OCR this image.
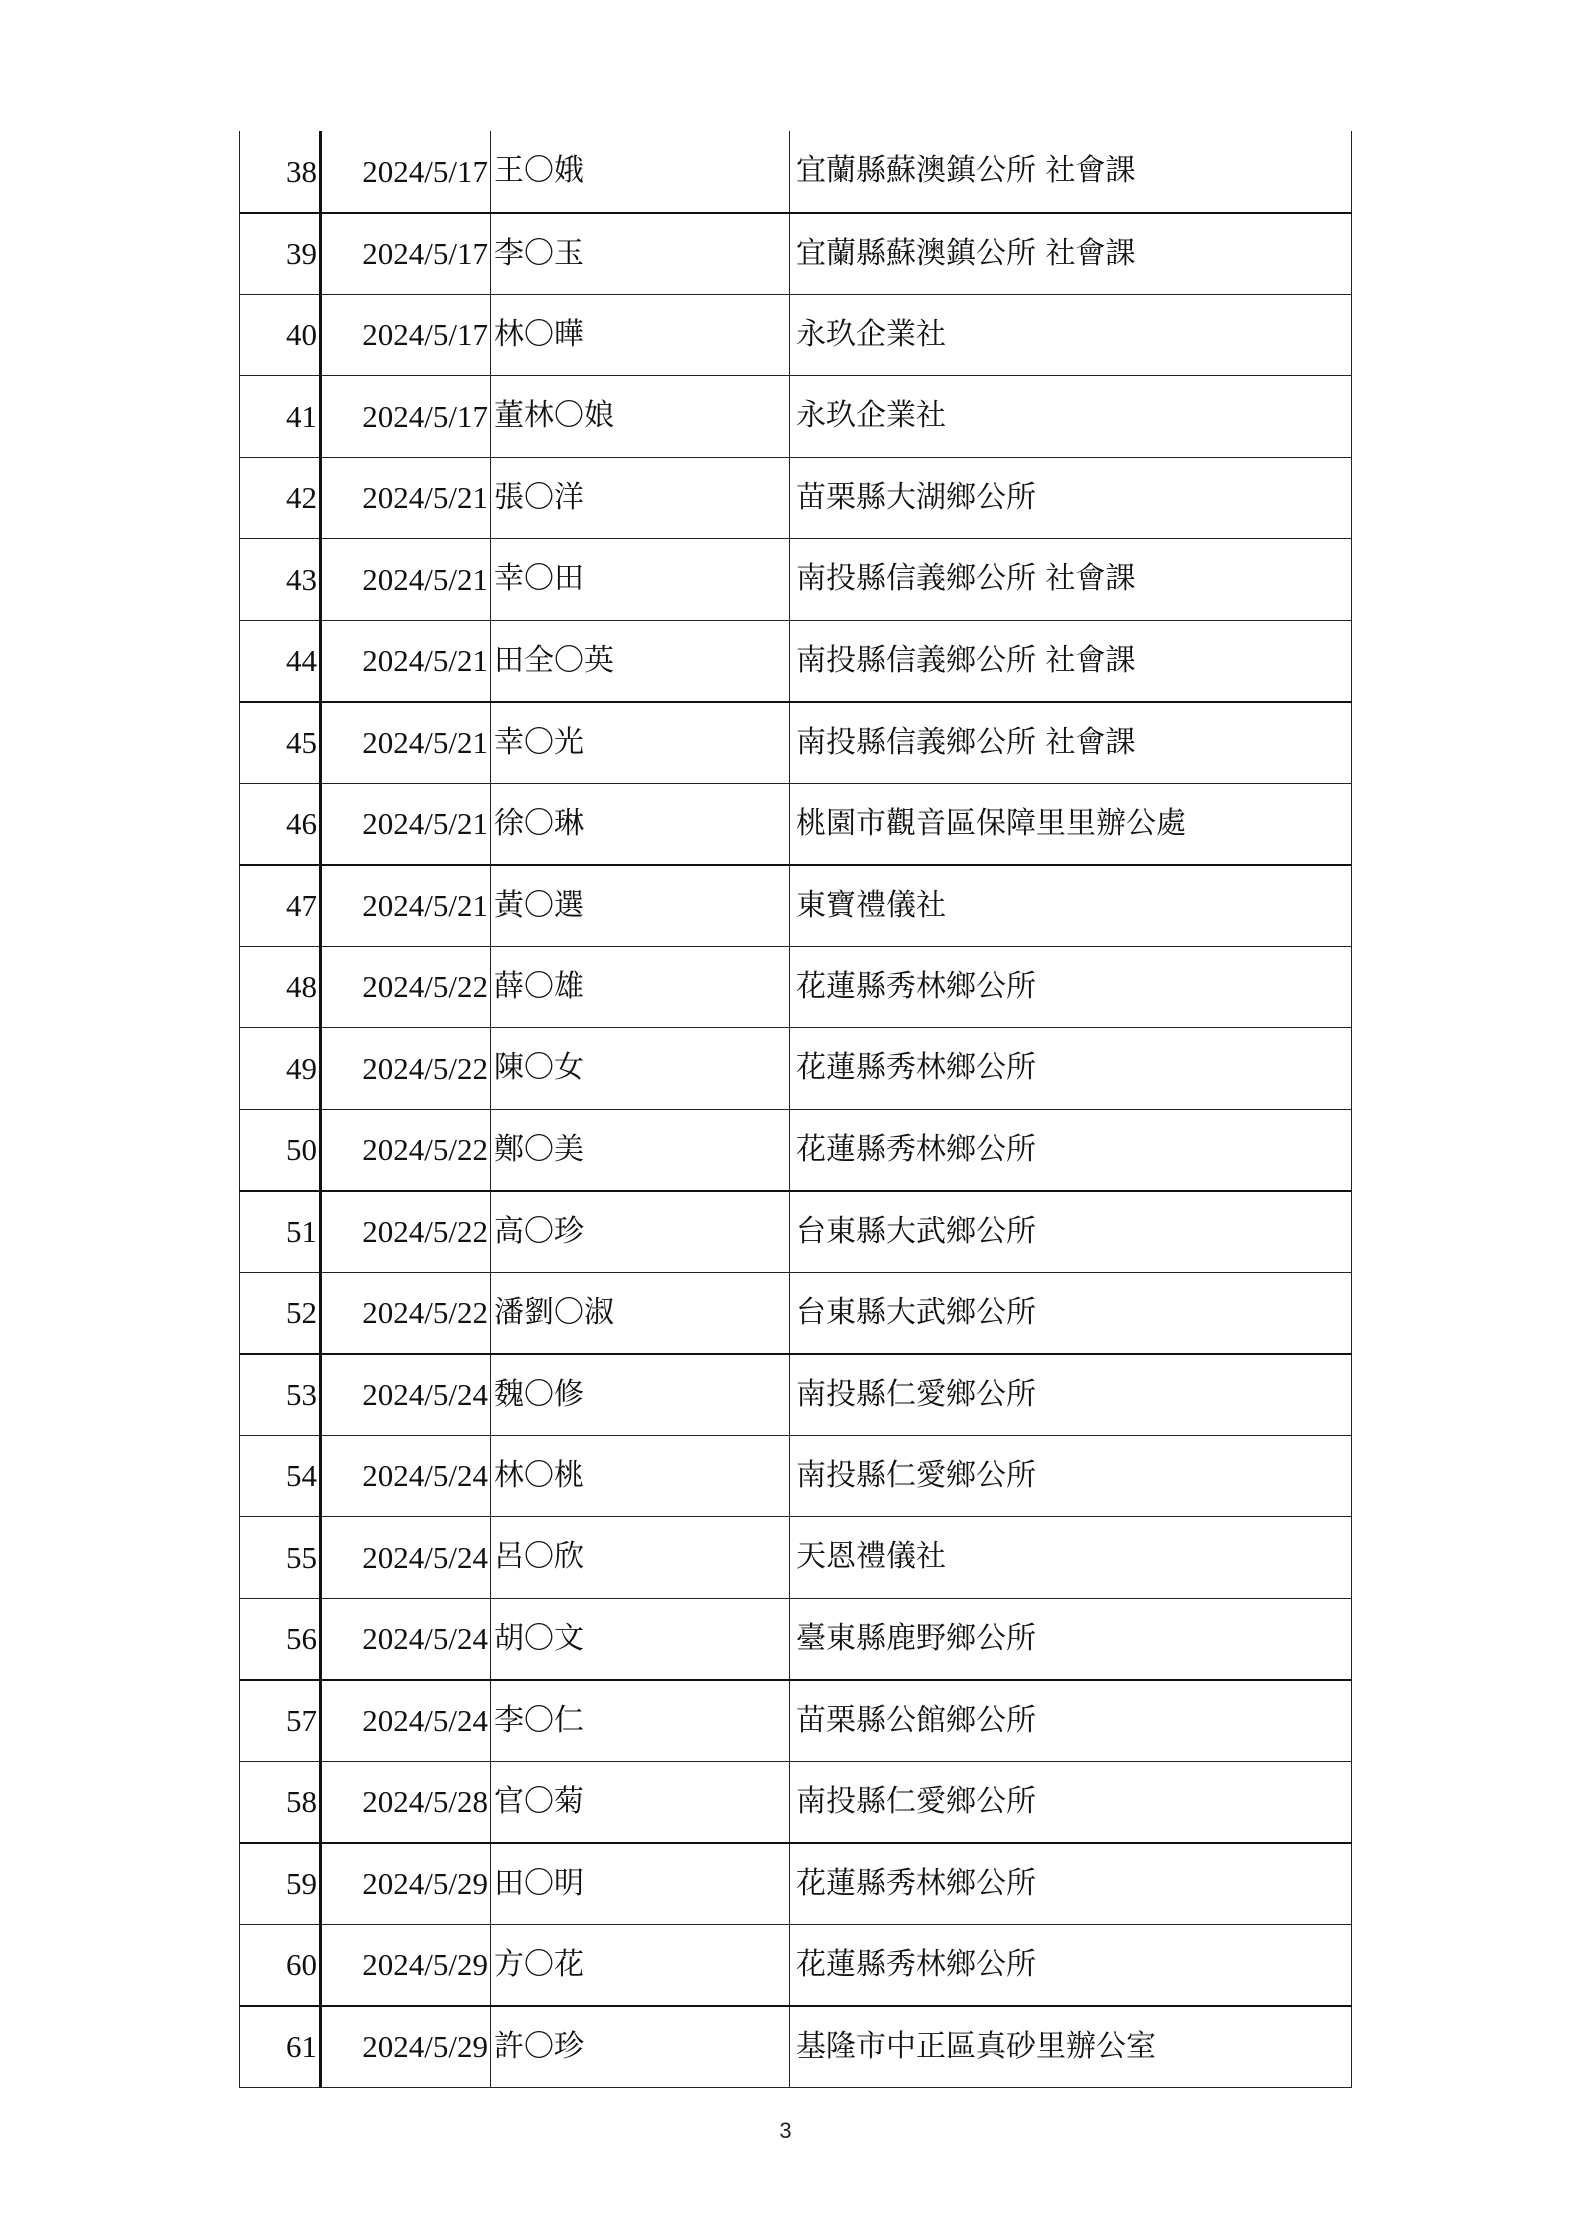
38	2024/5/17	王〇娥	宜蘭縣蘇澳鎮公所 社會課
39	2024/5/17	李〇玉	宜蘭縣蘇澳鎮公所 社會課
40	2024/5/17	林〇曄	永玖企業社
41	2024/5/17	董林〇娘	永玖企業社
42	2024/5/21	張〇洋	苗栗縣大湖鄉公所
43	2024/5/21	幸〇田	南投縣信義鄉公所 社會課
44	2024/5/21	田全〇英	南投縣信義鄉公所 社會課
45	2024/5/21	幸〇光	南投縣信義鄉公所 社會課
46	2024/5/21	徐〇琳	桃園市觀音區保障里里辦公處
47	2024/5/21	黃〇選	東寶禮儀社
48	2024/5/22	薛〇雄	花蓮縣秀林鄉公所
49	2024/5/22	陳〇女	花蓮縣秀林鄉公所
50	2024/5/22	鄭〇美	花蓮縣秀林鄉公所
51	2024/5/22	高〇珍	台東縣大武鄉公所
52	2024/5/22	潘劉〇淑	台東縣大武鄉公所
53	2024/5/24	魏〇修	南投縣仁愛鄉公所
54	2024/5/24	林〇桃	南投縣仁愛鄉公所
55	2024/5/24	呂〇欣	天恩禮儀社
56	2024/5/24	胡〇文	臺東縣鹿野鄉公所
57	2024/5/24	李〇仁	苗栗縣公館鄉公所
58	2024/5/28	官〇菊	南投縣仁愛鄉公所
59	2024/5/29	田〇明	花蓮縣秀林鄉公所
60	2024/5/29	方〇花	花蓮縣秀林鄉公所
61	2024/5/29	許〇珍	基隆市中正區真砂里辦公室
3
